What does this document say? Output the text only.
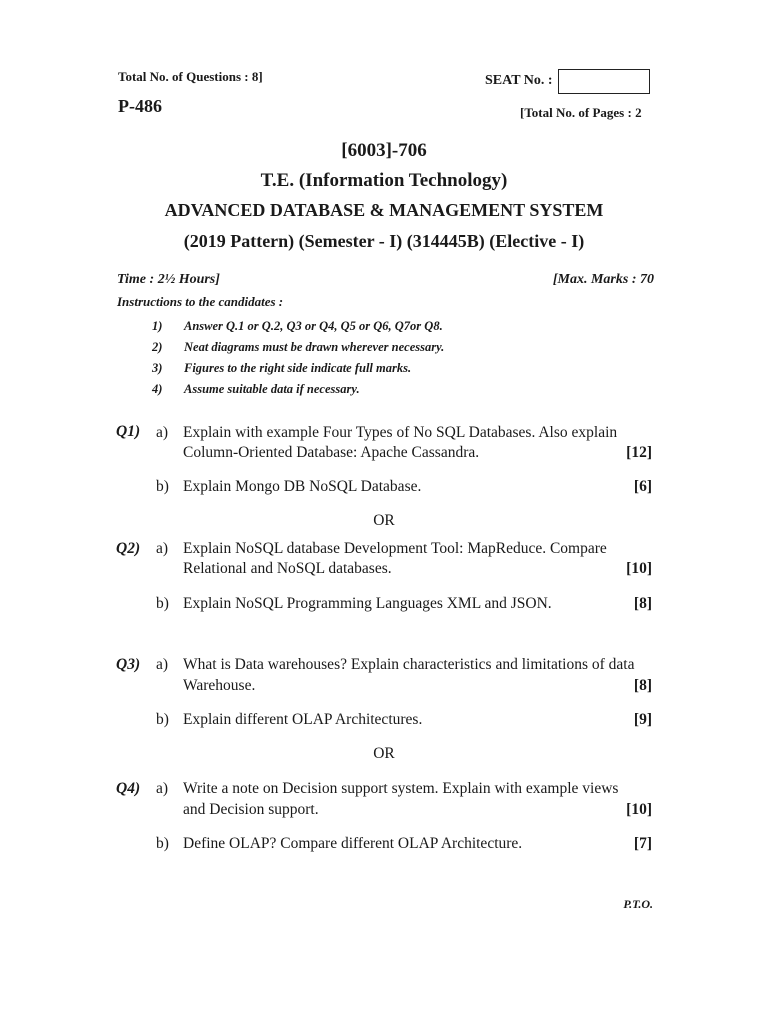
Total No. of Questions : 8]	SEAT No. :
P-486	[Total No. of Pages : 2
[6003]-706
T.E. (Information Technology)
ADVANCED DATABASE & MANAGEMENT SYSTEM
(2019 Pattern) (Semester - I) (314445B) (Elective - I)
Time : 2½ Hours]	[Max. Marks : 70
Instructions to the candidates :
1) Answer Q.1 or Q.2, Q3 or Q4, Q5 or Q6, Q7or Q8.
2) Neat diagrams must be drawn wherever necessary.
3) Figures to the right side indicate full marks.
4) Assume suitable data if necessary.
Q1) a) Explain with example Four Types of No SQL Databases. Also explain
Column-Oriented Database: Apache Cassandra.	[12]
b) Explain Mongo DB NoSQL Database.	[6]
OR
Q2) a) Explain NoSQL database Development Tool: MapReduce. Compare
Relational and NoSQL databases.	[10]
b) Explain NoSQL Programming Languages XML and JSON.	[8]
Q3) a) What is Data warehouses? Explain characteristics and limitations of data
Warehouse.	[8]
b) Explain different OLAP Architectures.	[9]
OR
Q4) a) Write a note on Decision support system. Explain with example views
and Decision support.	[10]
b) Define OLAP? Compare different OLAP Architecture.	[7]
P.T.O.
